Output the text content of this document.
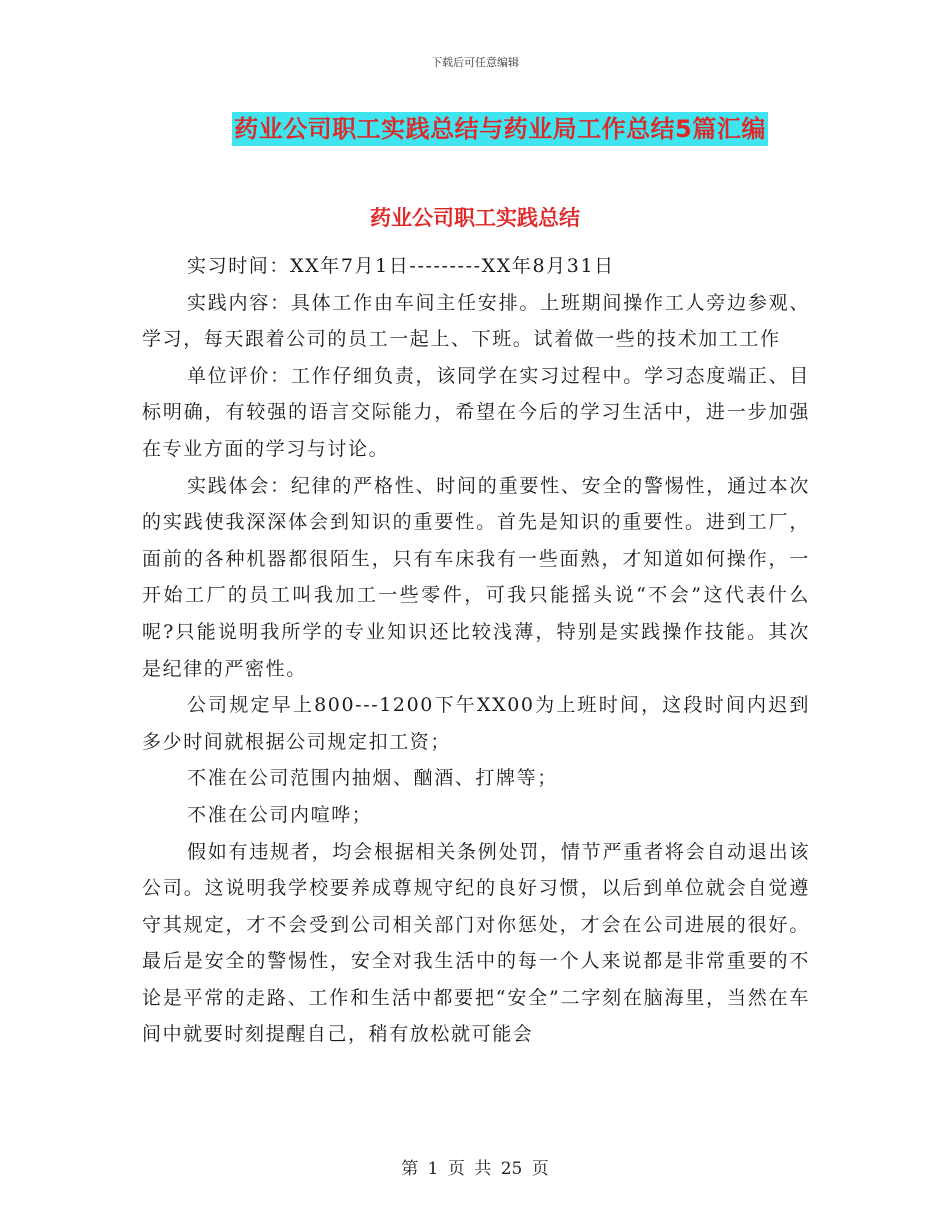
下载后可任意编辑
药业公司职工实践总结与药业局工作总结5篇汇编
药业公司职工实践总结

实习时间：XX年7月1日---------XX年8月31日

实践内容：具体工作由车间主任安排。上班期间操作工人旁边参观、学习，每天跟着公司的员工一起上、下班。试着做一些的技术加工工作

单位评价：工作仔细负责，该同学在实习过程中。学习态度端正、目标明确，有较强的语言交际能力，希望在今后的学习生活中，进一步加强在专业方面的学习与讨论。

实践体会：纪律的严格性、时间的重要性、安全的警惕性，通过本次的实践使我深深体会到知识的重要性。首先是知识的重要性。进到工厂，面前的各种机器都很陌生，只有车床我有一些面熟，才知道如何操作，一开始工厂的员工叫我加工一些零件，可我只能摇头说“不会”这代表什么呢?只能说明我所学的专业知识还比较浅薄，特别是实践操作技能。其次是纪律的严密性。

公司规定早上800---1200下午XX00为上班时间，这段时间内迟到多少时间就根据公司规定扣工资；

不准在公司范围内抽烟、酗酒、打牌等；

不准在公司内喧哗；

假如有违规者，均会根据相关条例处罚，情节严重者将会自动退出该公司。这说明我学校要养成尊规守纪的良好习惯，以后到单位就会自觉遵守其规定，才不会受到公司相关部门对你惩处，才会在公司进展的很好。最后是安全的警惕性，安全对我生活中的每一个人来说都是非常重要的不论是平常的走路、工作和生活中都要把“安全”二字刻在脑海里，当然在车间中就要时刻提醒自己，稍有放松就可能会

第 1 页 共 25 页
